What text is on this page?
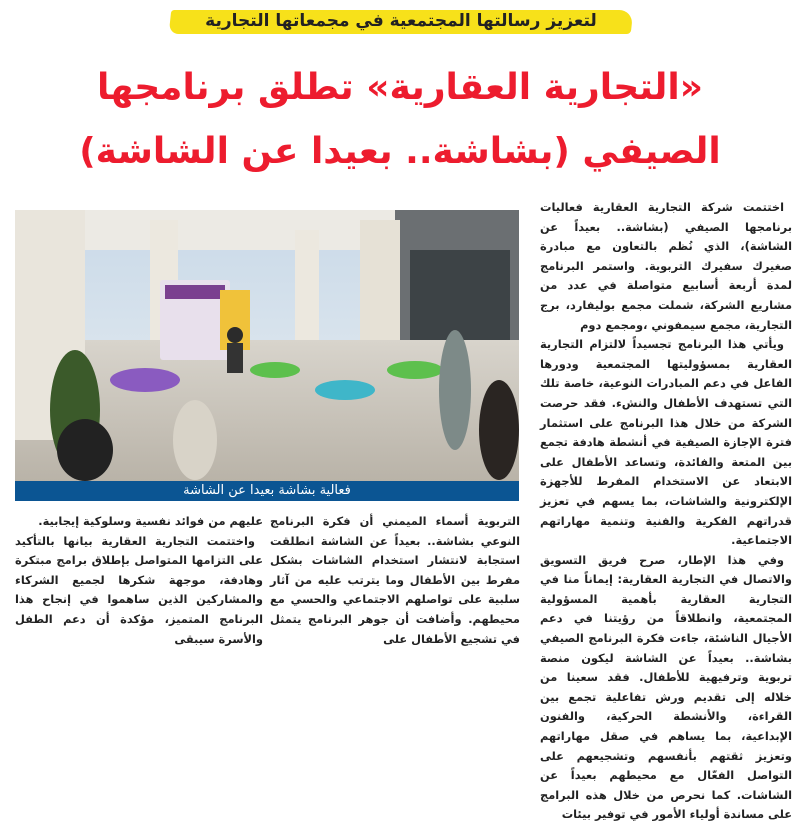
لتعزيز رسالتها المجتمعية في مجمعاتها التجارية
«التجارية العقارية» تطلق برنامجها
الصيفي (بشاشة.. بعيدا عن الشاشة)
فعالية بشاشة بعيدا عن الشاشة

اختتمت شركة التجارية العقارية فعاليات برنامجها الصيفي (بشاشة.. بعيداً عن الشاشة)، الذي نُظم بالتعاون مع مبادرة صغيرك سفيرك التربوية. واستمر البرنامج لمدة أربعة أسابيع متواصلة في عدد من مشاريع الشركة، شملت مجمع بوليفارد، برج التجارية، مجمع سيمفوني ،ومجمع دوم

ويأتي هذا البرنامج تجسيداً لالتزام التجارية العقارية بمسؤوليتها المجتمعية ودورها الفاعل في دعم المبادرات النوعية، خاصة تلك التي تستهدف الأطفال والنشء. فقد حرصت الشركة من خلال هذا البرنامج على استثمار فترة الإجازة الصيفية في أنشطة هادفة تجمع بين المتعة والفائدة، وتساعد الأطفال على الابتعاد عن الاستخدام المفرط للأجهزة الإلكترونية والشاشات، بما يسهم في تعزيز قدراتهم الفكرية والفنية وتنمية مهاراتهم الاجتماعية.

وفي هذا الإطار، صرح فريق التسويق والاتصال في التجارية العقارية: إيماناً منا في التجارية العقارية بأهمية المسؤولية المجتمعية، وانطلاقاً من رؤيتنا في دعم الأجيال الناشئة، جاءت فكرة البرنامج الصيفي بشاشة.. بعيداً عن الشاشة ليكون منصة تربوية وترفيهية للأطفال. فقد سعينا من خلاله إلى تقديم ورش تفاعلية تجمع بين القراءة، والأنشطة الحركية، والفنون الإبداعية، بما يساهم في صقل مهاراتهم وتعزيز ثقتهم بأنفسهم وتشجيعهم على التواصل الفعّال مع محيطهم بعيداً عن الشاشات. كما نحرص من خلال هذه البرامج على مساندة أولياء الأمور في توفير بيئات

التربوية أسماء الميمني أن فكرة البرنامج النوعي بشاشة.. بعيداً عن الشاشة انطلقت استجابة لانتشار استخدام الشاشات بشكل مفرط بين الأطفال وما يترتب عليه من آثار سلبية على تواصلهم الاجتماعي والحسي مع محيطهم. وأضافت أن جوهر البرنامج يتمثل في تشجيع الأطفال على

عليهم من فوائد نفسية وسلوكية إيجابية.

واختتمت التجارية العقارية بيانها بالتأكيد على التزامها المتواصل بإطلاق برامج مبتكرة وهادفة، موجهة شكرها لجميع الشركاء والمشاركين الذين ساهموا في إنجاح هذا البرنامج المتميز، مؤكدة أن دعم الطفل والأسرة سيبقى
